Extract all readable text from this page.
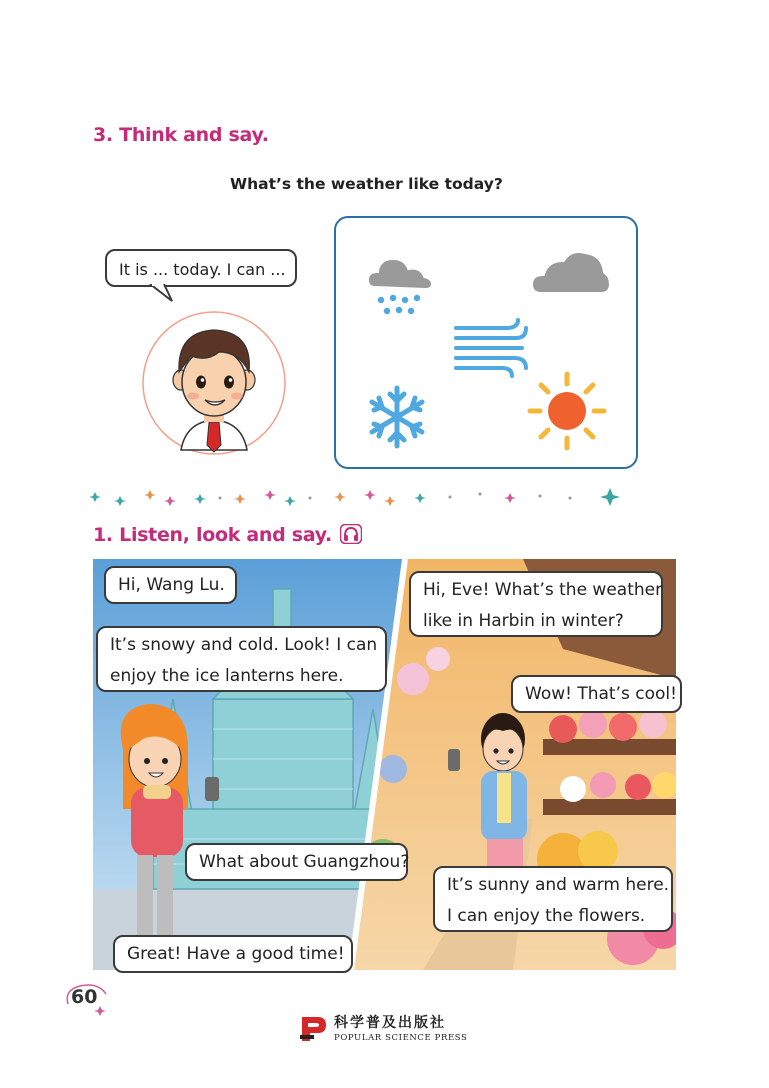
3. Think and say.
What’s the weather like today?
It is ... today. I can ...
1. Listen, look and say.
Hi, Wang Lu.
It’s snowy and cold. Look! I can
enjoy the ice lanterns here.
What about Guangzhou?
Great! Have a good time!
Hi, Eve! What’s the weather
like in Harbin in winter?
Wow! That’s cool!
It’s sunny and warm here.
I can enjoy the flowers.
60
科学普及出版社
POPULAR SCIENCE PRESS
